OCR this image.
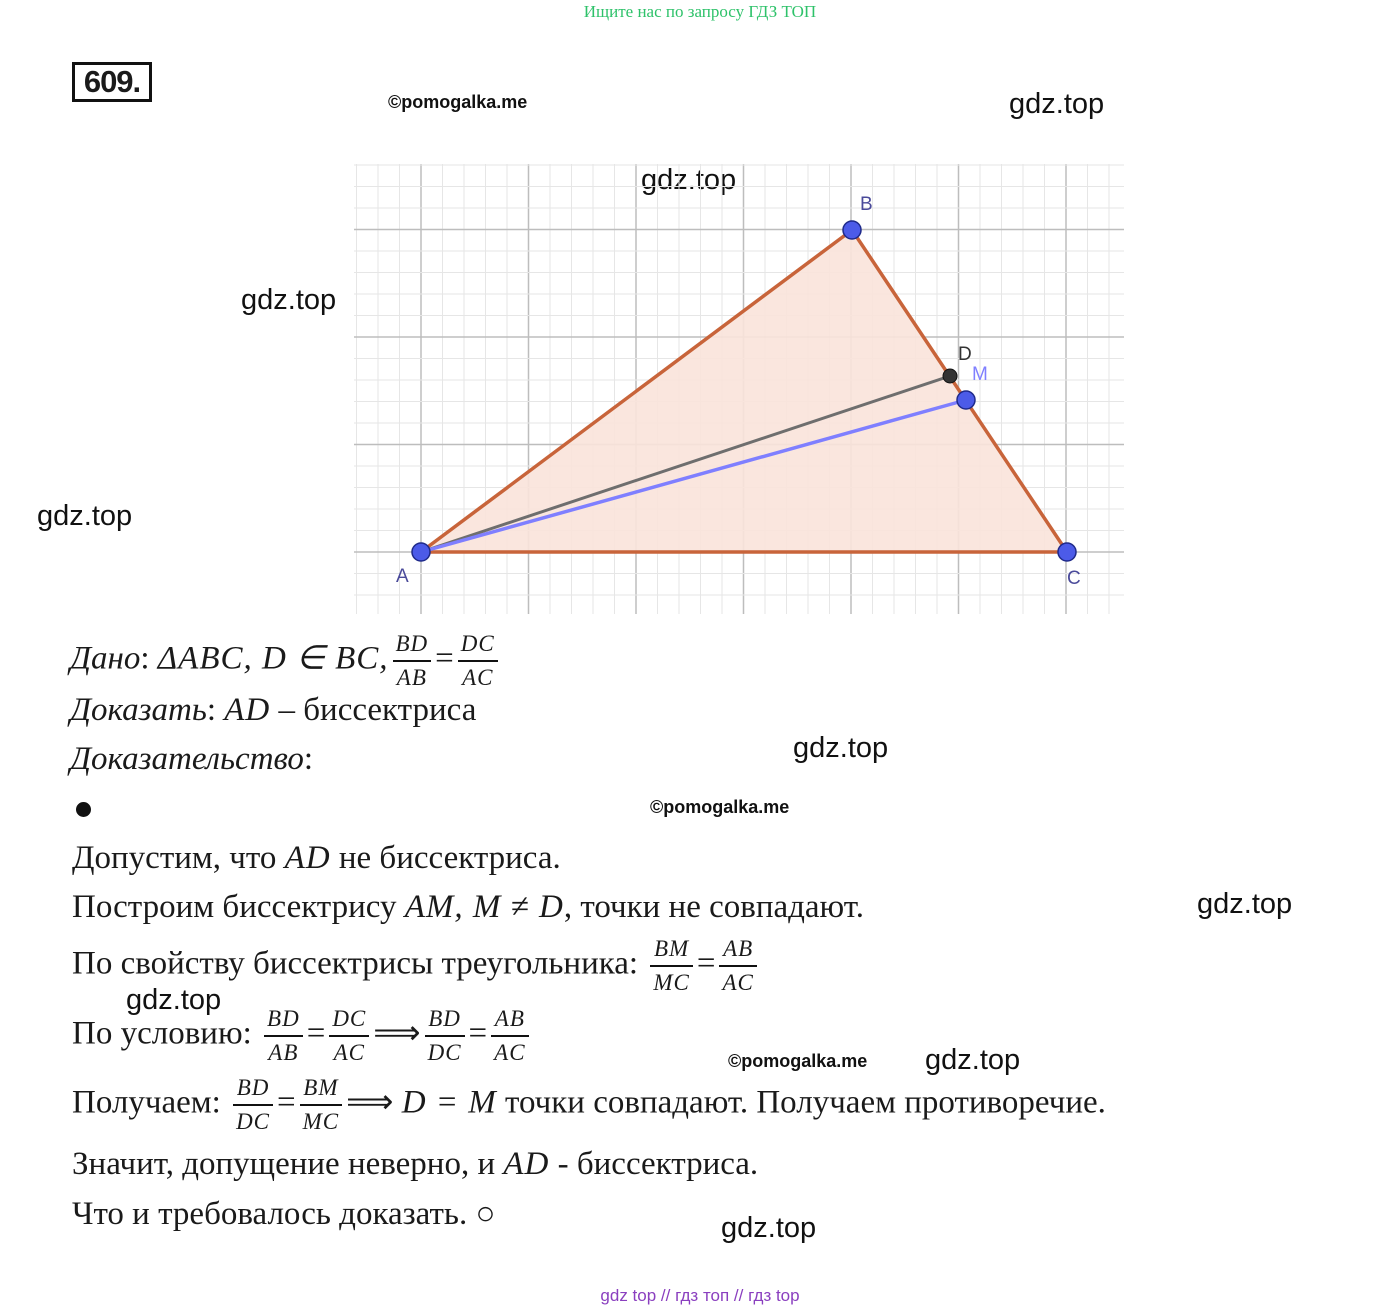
Ищите нас по запросу ГДЗ ТОП
609.
©pomogalka.me	gdz.top
gdz.top
gdz.top
gdz.top
A
B
C
D
M
Дано: ΔABC, D ∈ BC, $\frac{BD}{AB} = \frac{DC}{AC}$
Доказать: AD – биссектриса
Доказательство:	gdz.top
©pomogalka.me
Допустим, что AD не биссектриса.
Построим биссектрису AM, M ≠ D, точки не совпадают.	gdz.top
По свойству биссектрисы треугольника: $\frac{BM}{MC} = \frac{AB}{AC}$
gdz.top
По условию: $\frac{BD}{AB} = \frac{DC}{AC}$ ⟹ $\frac{BD}{DC} = \frac{AB}{AC}$	©pomogalka.me gdz.top
Получаем: $\frac{BD}{DC} = \frac{BM}{MC}$ ⟹ D = M точки совпадают. Получаем противоречие.
Значит, допущение неверно, и AD - биссектриса.
Что и требовалось доказать. ○	gdz.top
gdz top // гдз топ // гдз top
